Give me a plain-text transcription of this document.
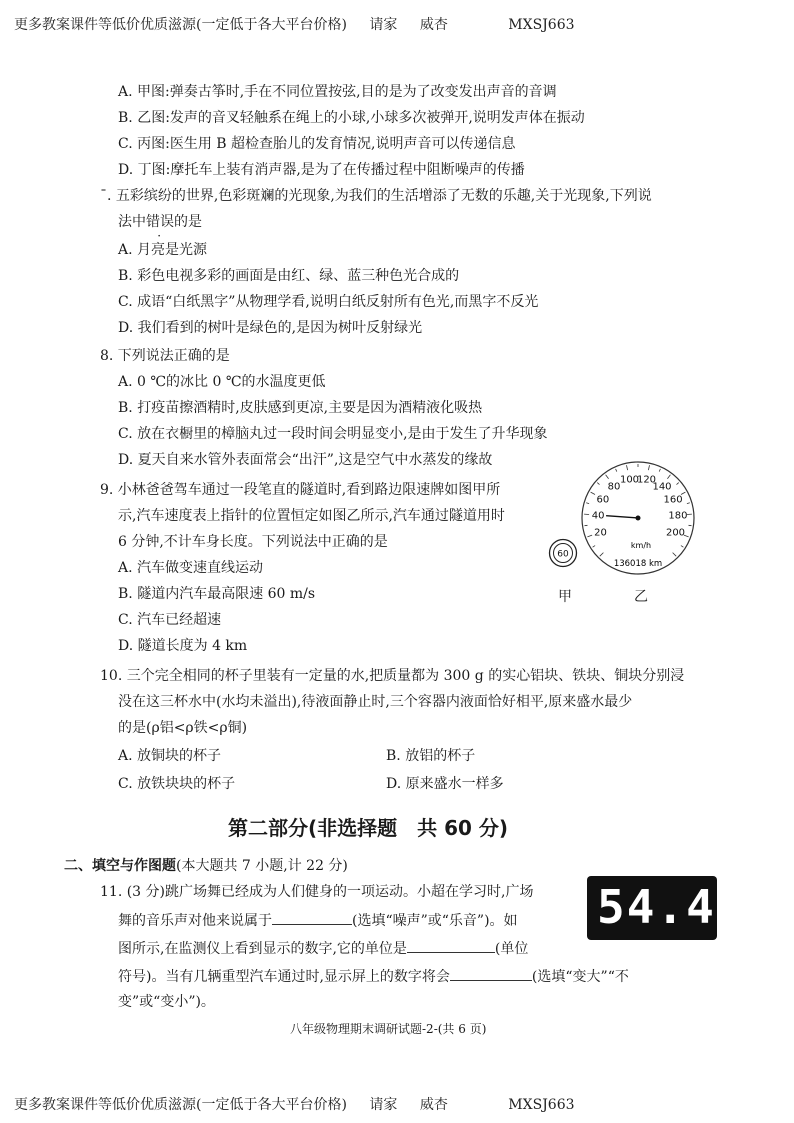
更多教案课件等低价优质滋源(一定低于各大平台价格) 请家 威杏	MXSJ663
A. 甲图:弹奏古筝时,手在不同位置按弦,目的是为了改变发出声音的音调
B. 乙图:发声的音叉轻触系在绳上的小球,小球多次被弹开,说明发声体在振动
C. 丙图:医生用 B 超检查胎儿的发育情况,说明声音可以传递信息
D. 丁图:摩托车上装有消声器,是为了在传播过程中阻断噪声的传播
¯. 五彩缤纷的世界,色彩斑斓的光现象,为我们的生活增添了无数的乐趣,关于光现象,下列说
法中错误的是
A. 月亮是光源
B. 彩色电视多彩的画面是由红、绿、蓝三种色光合成的
C. 成语“白纸黑字”从物理学看,说明白纸反射所有色光,而黑字不反光
D. 我们看到的树叶是绿色的,是因为树叶反射绿光
8. 下列说法正确的是
A. 0 ℃的冰比 0 ℃的水温度更低
B. 打疫苗擦酒精时,皮肤感到更凉,主要是因为酒精液化吸热
C. 放在衣橱里的樟脑丸过一段时间会明显变小,是由于发生了升华现象
D. 夏天自来水管外表面常会“出汗”,这是空气中水蒸发的缘故
9. 小林爸爸驾车通过一段笔直的隧道时,看到路边限速牌如图甲所
示,汽车速度表上指针的位置恒定如图乙所示,汽车通过隧道用时
6 分钟,不计车身长度。下列说法中正确的是
A. 汽车做变速直线运动
B. 隧道内汽车最高限速 60 m/s
C. 汽车已经超速
D. 隧道长度为 4 km
60
甲
20
40
60
80
100
120
140
160
180
200
km/h
136018 km
乙
10. 三个完全相同的杯子里装有一定量的水,把质量都为 300 g 的实心铝块、铁块、铜块分别浸
没在这三杯水中(水均未溢出),待液面静止时,三个容器内液面恰好相平,原来盛水最少
的是(ρ铝<ρ铁<ρ铜)
A. 放铜块的杯子	B. 放铝的杯子
C. 放铁块块的杯子	D. 原来盛水一样多
第二部分(非选择题　共 60 分)
二、填空与作图题(本大题共 7 小题,计 22 分)
11. (3 分)跳广场舞已经成为人们健身的一项运动。小超在学习时,广场
舞的音乐声对他来说属于	(选填“噪声”或“乐音”)。如
图所示,在监测仪上看到显示的数字,它的单位是	(单位
符号)。当有几辆重型汽车通过时,显示屏上的数字将会	(选填“变大”“不
变”或“变小”)。
54.4
八年级物理期末调研试题-2-(共 6 页)
更多教案课件等低价优质滋源(一定低于各大平台价格) 请家 威杏	MXSJ663
